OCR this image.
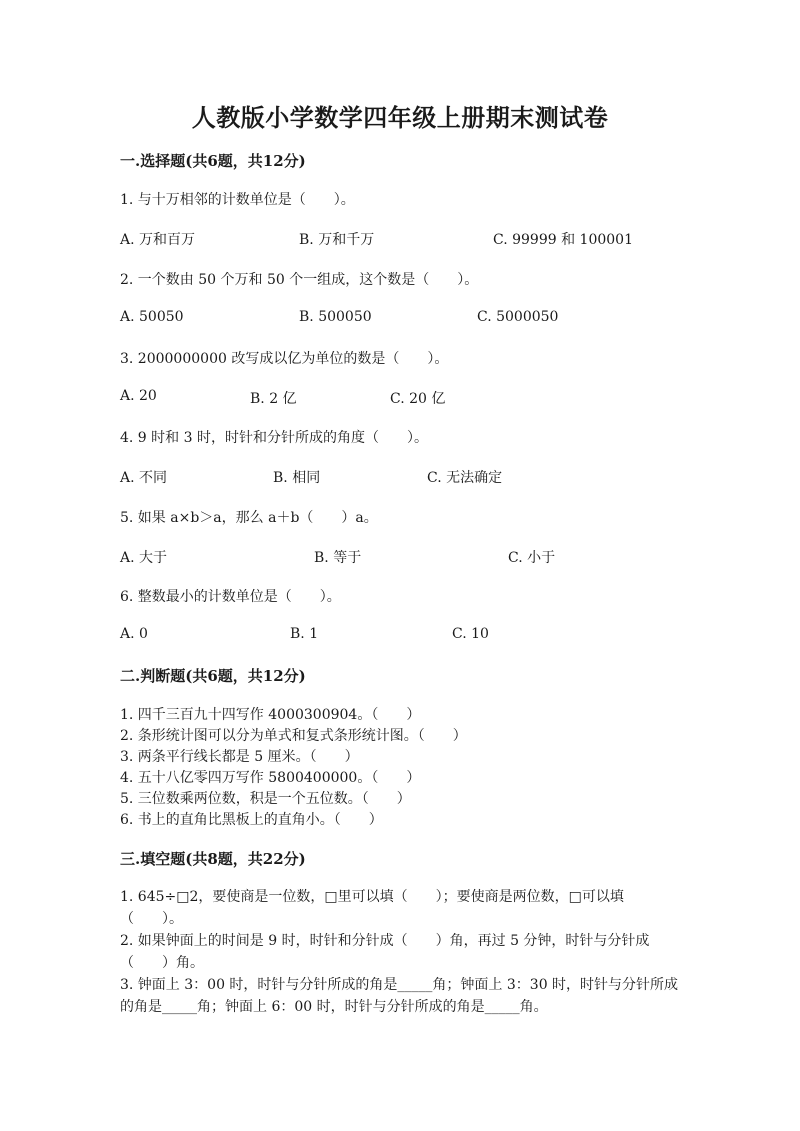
人教版小学数学四年级上册期末测试卷
一.选择题(共6题，共12分)
1. 与十万相邻的计数单位是（　　）。
A. 万和百万	B. 万和千万	C. 99999 和 100001
2. 一个数由 50 个万和 50 个一组成，这个数是（　　）。
A. 50050	B. 500050	C. 5000050
3. 2000000000 改写成以亿为单位的数是（　　）。
A. 20	B. 2 亿	C. 20 亿
4. 9 时和 3 时，时针和分针所成的角度（　　）。
A. 不同	B. 相同	C. 无法确定
5. 如果 a×b＞a，那么 a＋b（　　）a。
A. 大于	B. 等于	C. 小于
6. 整数最小的计数单位是（　　）。
A. 0	B. 1	C. 10
二.判断题(共6题，共12分)
1. 四千三百九十四写作 4000300904。（　　）
2. 条形统计图可以分为单式和复式条形统计图。（　　）
3. 两条平行线长都是 5 厘米。（　　）
4. 五十八亿零四万写作 5800400000。（　　）
5. 三位数乘两位数，积是一个五位数。（　　）
6. 书上的直角比黑板上的直角小。（　　）
三.填空题(共8题，共22分)
1. 645÷□2，要使商是一位数，□里可以填（　　）；要使商是两位数，□可以填（　　）。
2. 如果钟面上的时间是 9 时，时针和分针成（　　）角，再过 5 分钟，时针与分针成（　　）角。
3. 钟面上 3：00 时，时针与分针所成的角是_____角；钟面上 3：30 时，时针与分针所成的角是_____角；钟面上 6：00 时，时针与分针所成的角是_____角。
